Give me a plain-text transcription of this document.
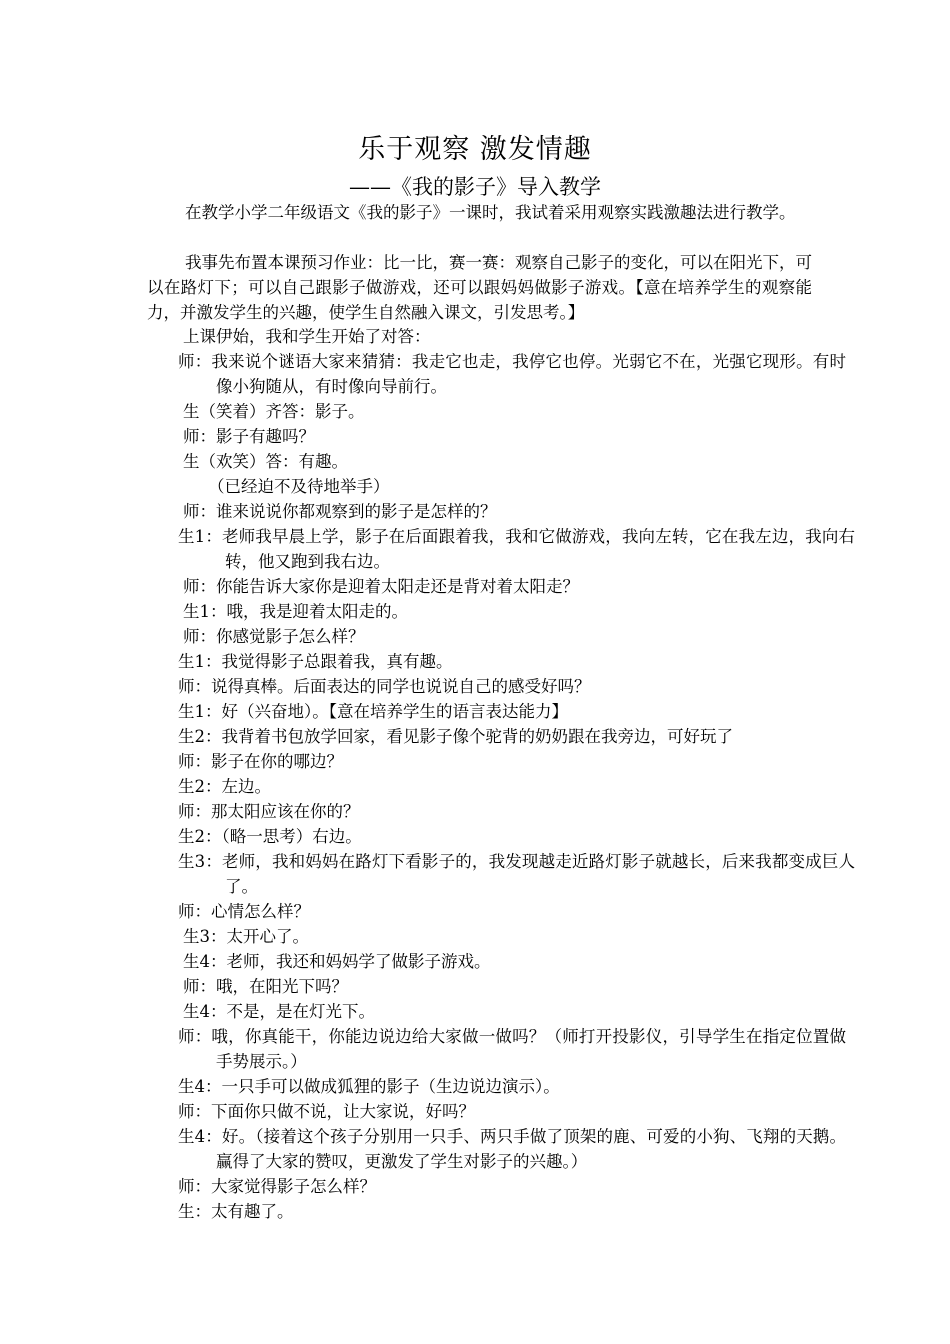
乐于观察 激发情趣
——《我的影子》导入教学

在教学小学二年级语文《我的影子》一课时，我试着采用观察实践激趣法进行教学。

我事先布置本课预习作业：比一比，赛一赛：观察自己影子的变化，可以在阳光下，可以在路灯下；可以自己跟影子做游戏，还可以跟妈妈做影子游戏。【意在培养学生的观察能力，并激发学生的兴趣，使学生自然融入课文，引发思考。】

上课伊始，我和学生开始了对答：

师：我来说个谜语大家来猜猜：我走它也走，我停它也停。光弱它不在，光强它现形。有时像小狗随从，有时像向导前行。

生（笑着）齐答：影子。

师：影子有趣吗？

生（欢笑）答：有趣。

（已经迫不及待地举手）

师：谁来说说你都观察到的影子是怎样的？

生1：老师我早晨上学，影子在后面跟着我，我和它做游戏，我向左转，它在我左边，我向右转，他又跑到我右边。

师：你能告诉大家你是迎着太阳走还是背对着太阳走？

生1：哦，我是迎着太阳走的。

师：你感觉影子怎么样？

生1：我觉得影子总跟着我，真有趣。

师：说得真棒。后面表达的同学也说说自己的感受好吗？

生1：好（兴奋地）。【意在培养学生的语言表达能力】

生2：我背着书包放学回家，看见影子像个驼背的奶奶跟在我旁边，可好玩了

师：影子在你的哪边？

生2：左边。

师：那太阳应该在你的？

生2：（略一思考）右边。

生3：老师，我和妈妈在路灯下看影子的，我发现越走近路灯影子就越长，后来我都变成巨人了。

师：心情怎么样？

生3：太开心了。

生4：老师，我还和妈妈学了做影子游戏。

师：哦，在阳光下吗？

生4：不是，是在灯光下。

师：哦，你真能干，你能边说边给大家做一做吗？（师打开投影仪，引导学生在指定位置做手势展示。）

生4：一只手可以做成狐狸的影子（生边说边演示）。

师：下面你只做不说，让大家说，好吗？

生4：好。（接着这个孩子分别用一只手、两只手做了顶架的鹿、可爱的小狗、飞翔的天鹅。赢得了大家的赞叹，更激发了学生对影子的兴趣。）

师：大家觉得影子怎么样？

生：太有趣了。
